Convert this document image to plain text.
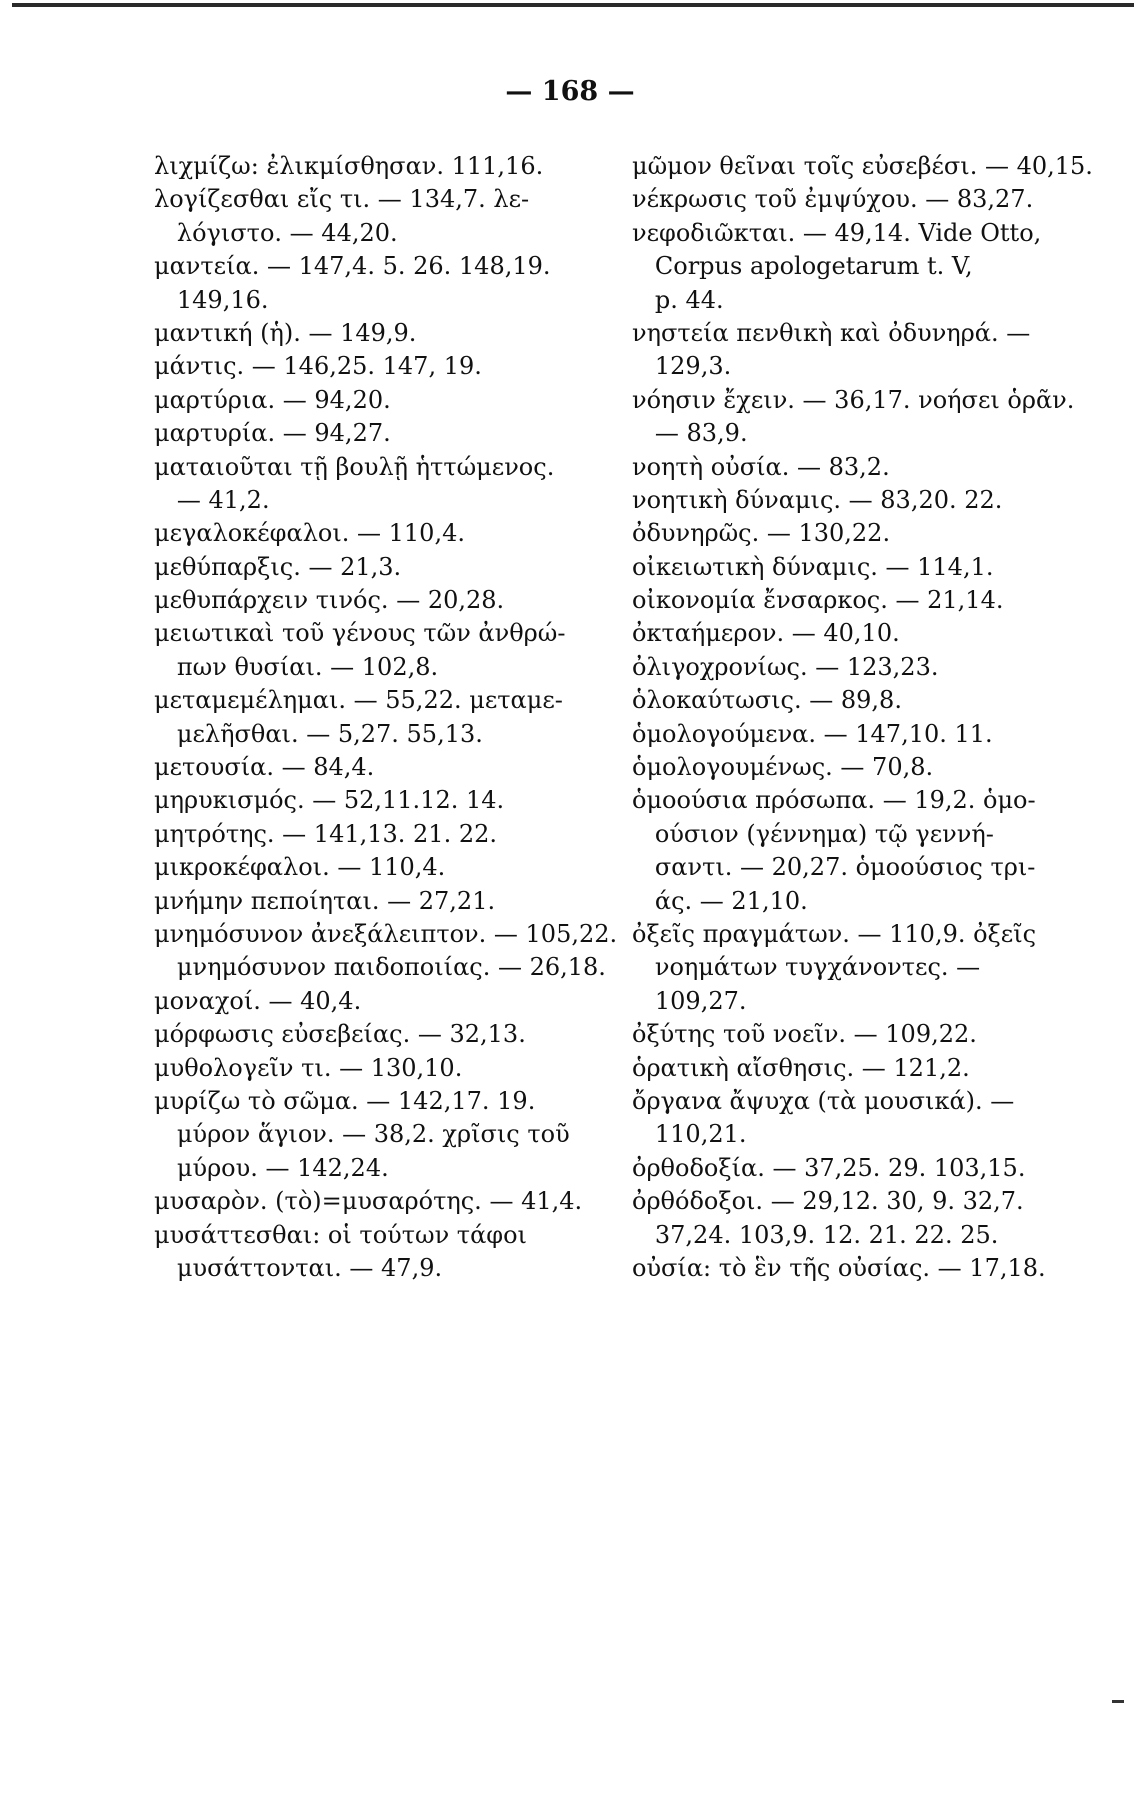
— 168 —
λιχμίζω: ἐλικμίσθησαν. 111,16.
λογίζεσθαι εἴς τι. — 134,7. λε-
λόγιστο. — 44,20.
μαντεία. — 147,4. 5. 26. 148,19.
149,16.
μαντική (ἡ). — 149,9.
μάντις. — 146,25. 147, 19.
μαρτύρια. — 94,20.
μαρτυρία. — 94,27.
ματαιοῦται τῇ βουλῇ ἡττώμενος.
— 41,2.
μεγαλοκέφαλοι. — 110,4.
μεθύπαρξις. — 21,3.
μεθυπάρχειν τινός. — 20,28.
μειωτικαὶ τοῦ γένους τῶν ἀνθρώ-
πων θυσίαι. — 102,8.
μεταμεμέλημαι. — 55,22. μεταμε-
μελῆσθαι. — 5,27. 55,13.
μετουσία. — 84,4.
μηρυκισμός. — 52,11.12. 14.
μητρότης. — 141,13. 21. 22.
μικροκέφαλοι. — 110,4.
μνήμην πεποίηται. — 27,21.
μνημόσυνον ἀνεξάλειπτον. — 105,22.
μνημόσυνον παιδοποιίας. — 26,18.
μοναχοί. — 40,4.
μόρφωσις εὐσεβείας. — 32,13.
μυθολογεῖν τι. — 130,10.
μυρίζω τὸ σῶμα. — 142,17. 19.
μύρον ἅγιον. — 38,2. χρῖσις τοῦ
μύρου. — 142,24.
μυσαρὸν. (τὸ)=μυσαρότης. — 41,4.
μυσάττεσθαι: οἱ τούτων τάφοι
μυσάττονται. — 47,9.
μῶμον θεῖναι τοῖς εὐσεβέσι. — 40,15.
νέκρωσις τοῦ ἐμψύχου. — 83,27.
νεφοδιῶκται. — 49,14. Vide Otto,
Corpus apologetarum t. V,
p. 44.
νηστεία πενθικὴ καὶ ὀδυνηρά. —
129,3.
νόησιν ἔχειν. — 36,17. νοήσει ὁρᾶν.
— 83,9.
νοητὴ οὐσία. — 83,2.
νοητικὴ δύναμις. — 83,20. 22.
ὀδυνηρῶς. — 130,22.
οἰκειωτικὴ δύναμις. — 114,1.
οἰκονομία ἔνσαρκος. — 21,14.
ὀκταήμερον. — 40,10.
ὀλιγοχρονίως. — 123,23.
ὁλοκαύτωσις. — 89,8.
ὁμολογούμενα. — 147,10. 11.
ὁμολογουμένως. — 70,8.
ὁμοούσια πρόσωπα. — 19,2. ὁμο-
ούσιον (γέννημα) τῷ γεννή-
σαντι. — 20,27. ὁμοούσιος τρι-
άς. — 21,10.
ὀξεῖς πραγμάτων. — 110,9. ὀξεῖς
νοημάτων τυγχάνοντες. —
109,27.
ὀξύτης τοῦ νοεῖν. — 109,22.
ὁρατικὴ αἴσθησις. — 121,2.
ὄργανα ἄψυχα (τὰ μουσικά). —
110,21.
ὀρθοδοξία. — 37,25. 29. 103,15.
ὀρθόδοξοι. — 29,12. 30, 9. 32,7.
37,24. 103,9. 12. 21. 22. 25.
οὐσία: τὸ ἓν τῆς οὐσίας. — 17,18.
